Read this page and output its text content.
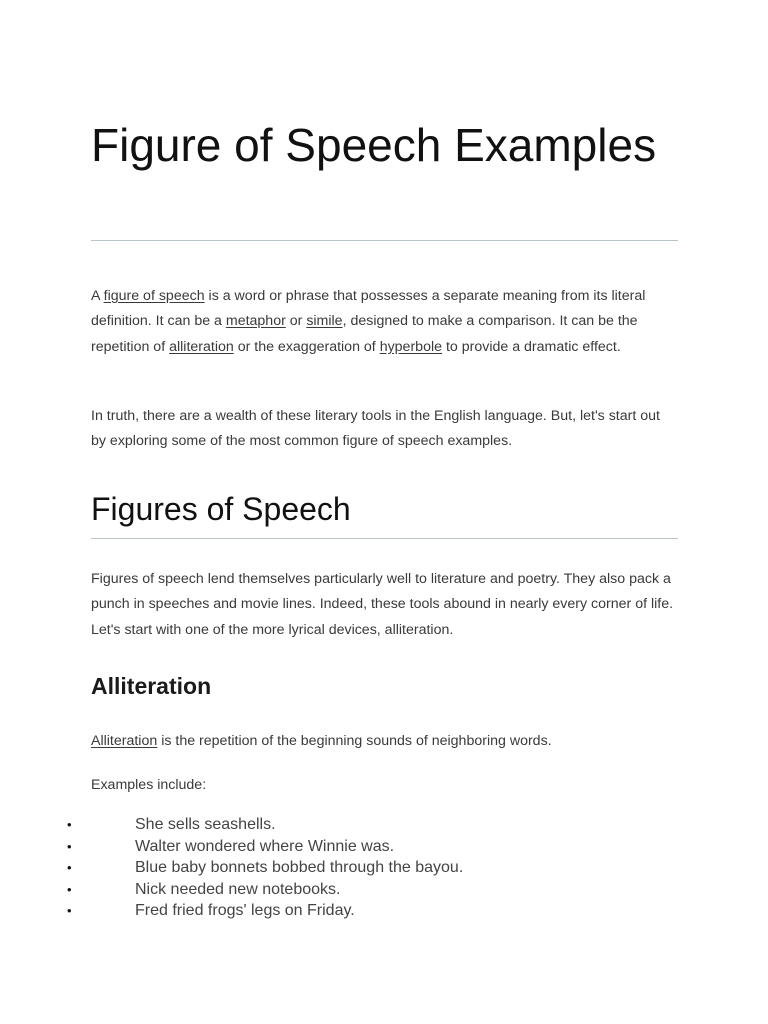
Figure of Speech Examples

A figure of speech is a word or phrase that possesses a separate meaning from its literal definition. It can be a metaphor or simile, designed to make a comparison. It can be the repetition of alliteration or the exaggeration of hyperbole to provide a dramatic effect.

In truth, there are a wealth of these literary tools in the English language. But, let's start out by exploring some of the most common figure of speech examples.

Figures of Speech

Figures of speech lend themselves particularly well to literature and poetry. They also pack a punch in speeches and movie lines. Indeed, these tools abound in nearly every corner of life. Let's start with one of the more lyrical devices, alliteration.

Alliteration

Alliteration is the repetition of the beginning sounds of neighboring words.

Examples include:

•	She sells seashells.
•	Walter wondered where Winnie was.
•	Blue baby bonnets bobbed through the bayou.
•	Nick needed new notebooks.
•	Fred fried frogs' legs on Friday.
